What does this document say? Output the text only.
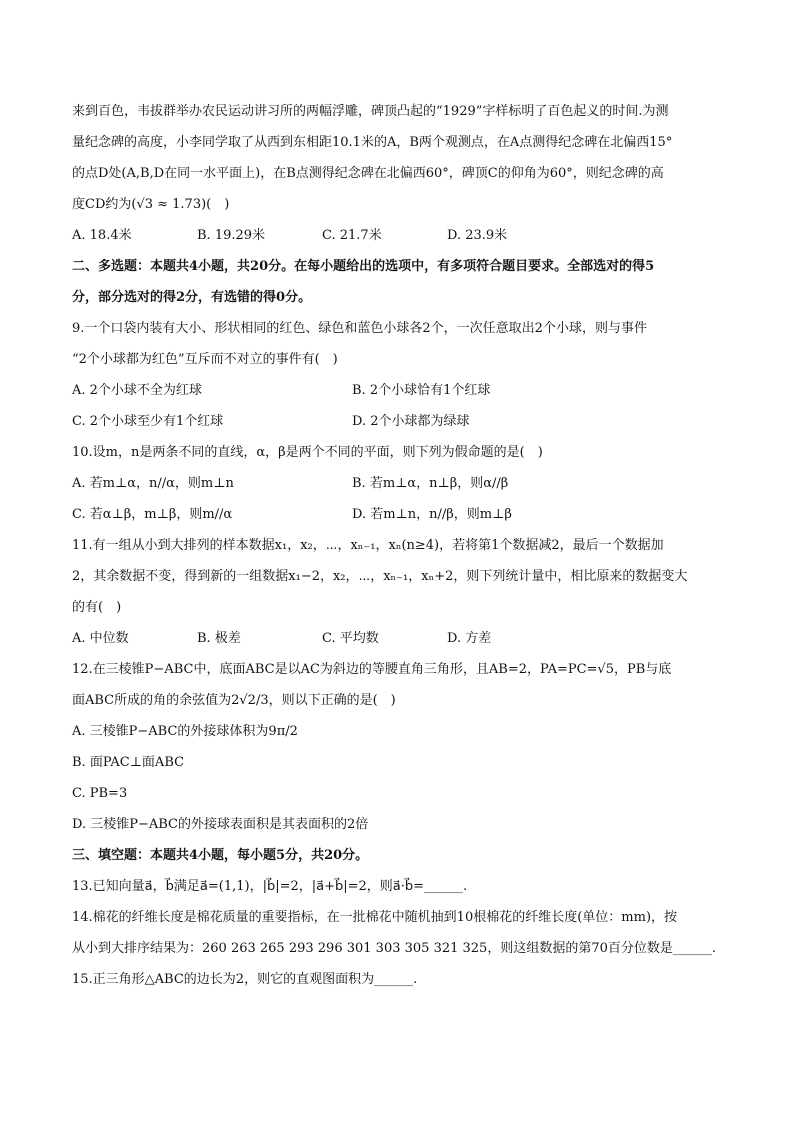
来到百色，韦拔群举办农民运动讲习所的两幅浮雕，碑顶凸起的“1929”字样标明了百色起义的时间.为测

量纪念碑的高度，小李同学取了从西到东相距10.1米的A，B两个观测点，在A点测得纪念碑在北偏西15°

的点D处(A,B,D在同一水平面上)，在B点测得纪念碑在北偏西60°，碑顶C的仰角为60°，则纪念碑的高

度CD约为(√3 ≈ 1.73)(　)

A. 18.4米	B. 19.29米	C. 21.7米	D. 23.9米

二、多选题：本题共4小题，共20分。在每小题给出的选项中，有多项符合题目要求。全部选对的得5

分，部分选对的得2分，有选错的得0分。

9.一个口袋内装有大小、形状相同的红色、绿色和蓝色小球各2个，一次任意取出2个小球，则与事件

“2个小球都为红色”互斥而不对立的事件有(　)

A. 2个小球不全为红球	B. 2个小球恰有1个红球
C. 2个小球至少有1个红球	D. 2个小球都为绿球

10.设m，n是两条不同的直线，α，β是两个不同的平面，则下列为假命题的是(　)

A. 若m⊥α，n//α，则m⊥n	B. 若m⊥α，n⊥β，则α//β
C. 若α⊥β，m⊥β，则m//α	D. 若m⊥n，n//β，则m⊥β

11.有一组从小到大排列的样本数据x₁，x₂，⋯，xₙ₋₁，xₙ(n≥4)，若将第1个数据减2，最后一个数据加

2，其余数据不变，得到新的一组数据x₁−2，x₂，⋯，xₙ₋₁，xₙ+2，则下列统计量中，相比原来的数据变大

的有(　)

A. 中位数	B. 极差	C. 平均数	D. 方差

12.在三棱锥P−ABC中，底面ABC是以AC为斜边的等腰直角三角形，且AB=2，PA=PC=√5，PB与底

面ABC所成的角的余弦值为2√2/3，则以下正确的是(　)

A. 三棱锥P−ABC的外接球体积为9π/2
B. 面PAC⊥面ABC
C. PB=3
D. 三棱锥P−ABC的外接球表面积是其表面积的2倍

三、填空题：本题共4小题，每小题5分，共20分。

13.已知向量a⃗，b⃗满足a⃗=(1,1)，|b⃗|=2，|a⃗+b⃗|=2，则a⃗·b⃗=______.

14.棉花的纤维长度是棉花质量的重要指标，在一批棉花中随机抽到10根棉花的纤维长度(单位：mm)，按

从小到大排序结果为：260 263 265 293 296 301 303 305 321 325，则这组数据的第70百分位数是______.

15.正三角形△ABC的边长为2，则它的直观图面积为______.
